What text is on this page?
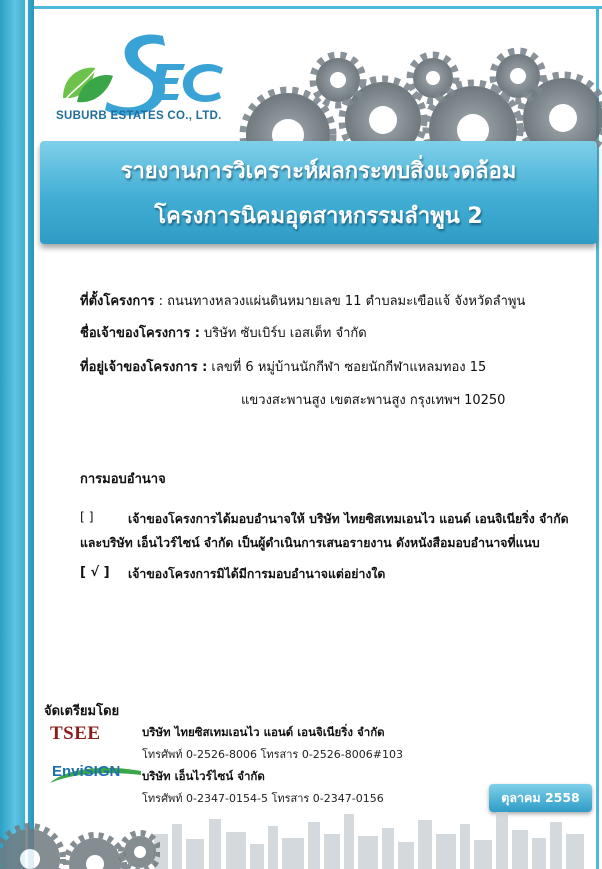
SUBURB ESTATES CO., LTD.
รายงานการวิเคราะห์ผลกระทบสิ่งแวดล้อม
โครงการนิคมอุตสาหกรรมลำพูน 2
ที่ตั้งโครงการ : ถนนทางหลวงแผ่นดินหมายเลข 11 ตำบลมะเขือแจ้ จังหวัดลำพูน
ชื่อเจ้าของโครงการ : บริษัท ซับเบิร์บ เอสเต็ท จำกัด
ที่อยู่เจ้าของโครงการ : เลขที่ 6 หมู่บ้านนักกีฬา ซอยนักกีฬาแหลมทอง 15
แขวงสะพานสูง เขตสะพานสูง กรุงเทพฯ 10250
การมอบอำนาจ
[ ]	เจ้าของโครงการได้มอบอำนาจให้ บริษัท ไทยซิสเทมเอนไว แอนด์ เอนจิเนียริ่ง จำกัด
และบริษัท เอ็นไวร์ไซน์ จำกัด เป็นผู้ดำเนินการเสนอรายงาน ดังหนังสือมอบอำนาจที่แนบ
[ √ ] เจ้าของโครงการมิได้มีการมอบอำนาจแต่อย่างใด
จัดเตรียมโดย
TSEE	บริษัท ไทยซิสเทมเอนไว แอนด์ เอนจิเนียริ่ง จำกัด
โทรศัพท์ 0-2526-8006 โทรสาร 0-2526-8006#103
EnviSIGN บริษัท เอ็นไวร์ไซน์ จำกัด
โทรศัพท์ 0-2347-0154-5 โทรสาร 0-2347-0156	ตุลาคม 2558
